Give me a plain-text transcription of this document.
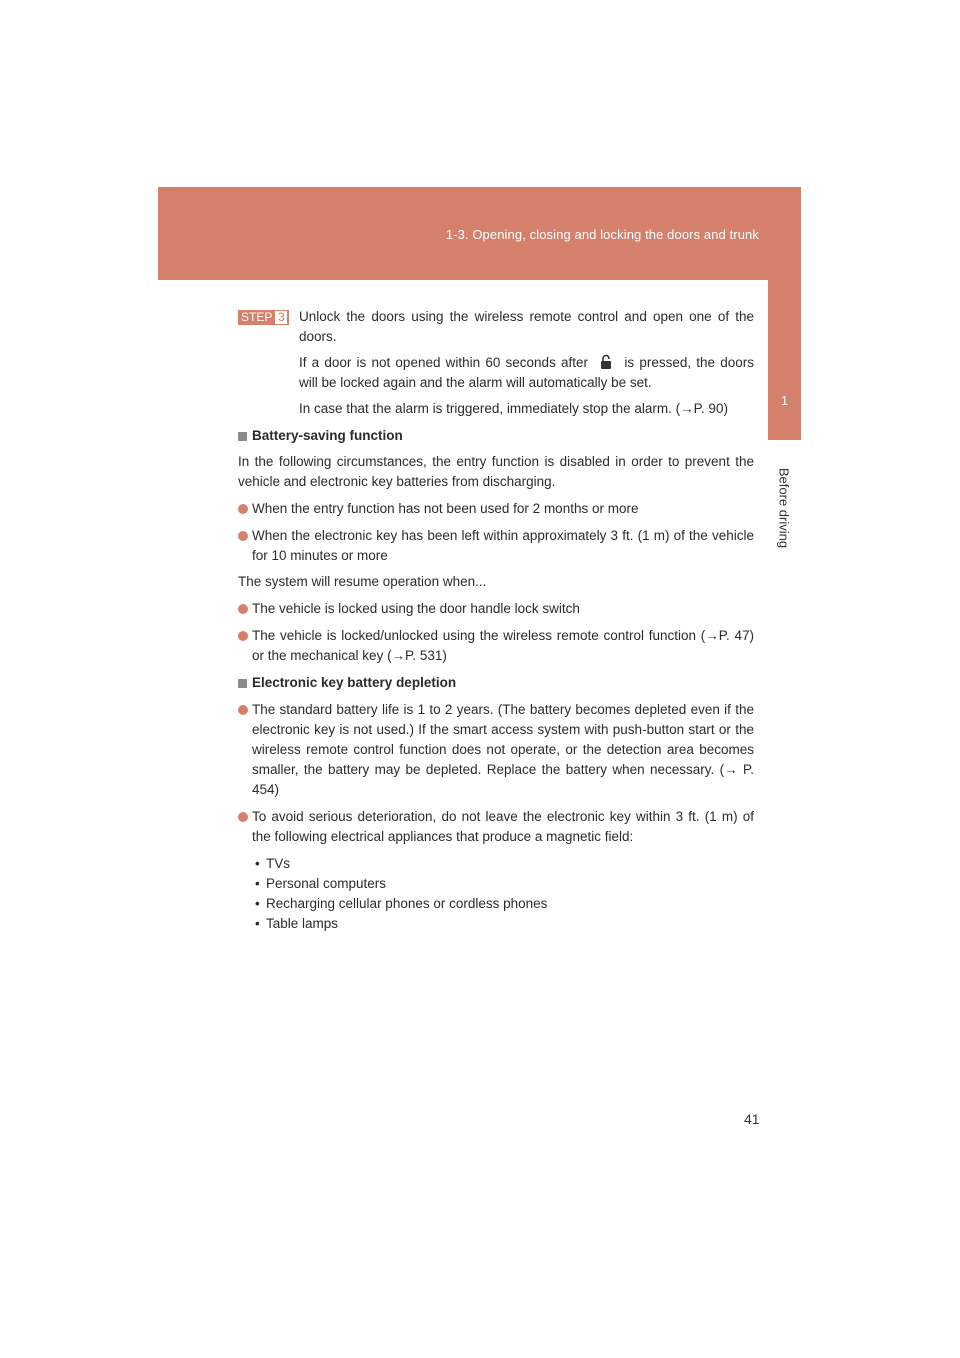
1-3. Opening, closing and locking the doors and trunk
1
Before driving
STEP 3 Unlock the doors using the wireless remote control and open one of the doors.

If a door is not opened within 60 seconds after	is pressed, the doors will be locked again and the alarm will automatically be set.

In case that the alarm is triggered, immediately stop the alarm. (→P. 90)

Battery-saving function

In the following circumstances, the entry function is disabled in order to prevent the vehicle and electronic key batteries from discharging.

When the entry function has not been used for 2 months or more

When the electronic key has been left within approximately 3 ft. (1 m) of the vehicle for 10 minutes or more

The system will resume operation when...

The vehicle is locked using the door handle lock switch

The vehicle is locked/unlocked using the wireless remote control function (→P. 47) or the mechanical key (→P. 531)

Electronic key battery depletion

The standard battery life is 1 to 2 years. (The battery becomes depleted even if the electronic key is not used.) If the smart access system with push-button start or the wireless remote control function does not operate, or the detection area becomes smaller, the battery may be depleted. Replace the battery when necessary. (→ P. 454)

To avoid serious deterioration, do not leave the electronic key within 3 ft. (1 m) of the following electrical appliances that produce a magnetic field:

• TVs
• Personal computers
• Recharging cellular phones or cordless phones
• Table lamps
41
